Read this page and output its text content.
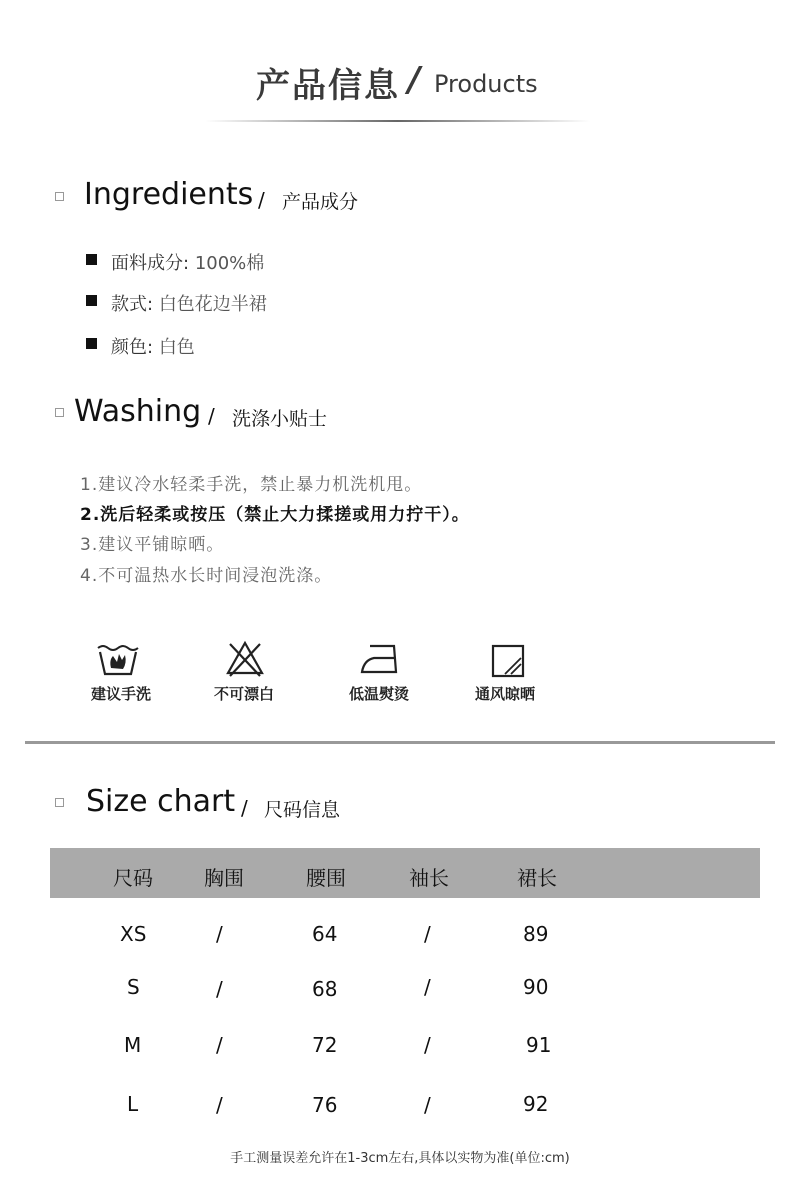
产品信息 / Products
Ingredients / 产品成分
面料成分: 100%棉
款式: 白色花边半裙
颜色: 白色
Washing / 洗涤小贴士
1.建议冷水轻柔手洗，禁止暴力机洗机甩。
2.洗后轻柔或按压（禁止大力揉搓或用力拧干）。
3.建议平铺晾晒。
4.不可温热水长时间浸泡洗涤。
建议手洗	不可漂白	低温熨烫	通风晾晒
Size chart / 尺码信息
尺码	胸围	腰围	袖长	裙长
XS	/	64	/	89
S	/	68	/	90
M	/	72	/	91
L	/	76	/	92
手工测量误差允许在1-3cm左右,具体以实物为准(单位:cm)
